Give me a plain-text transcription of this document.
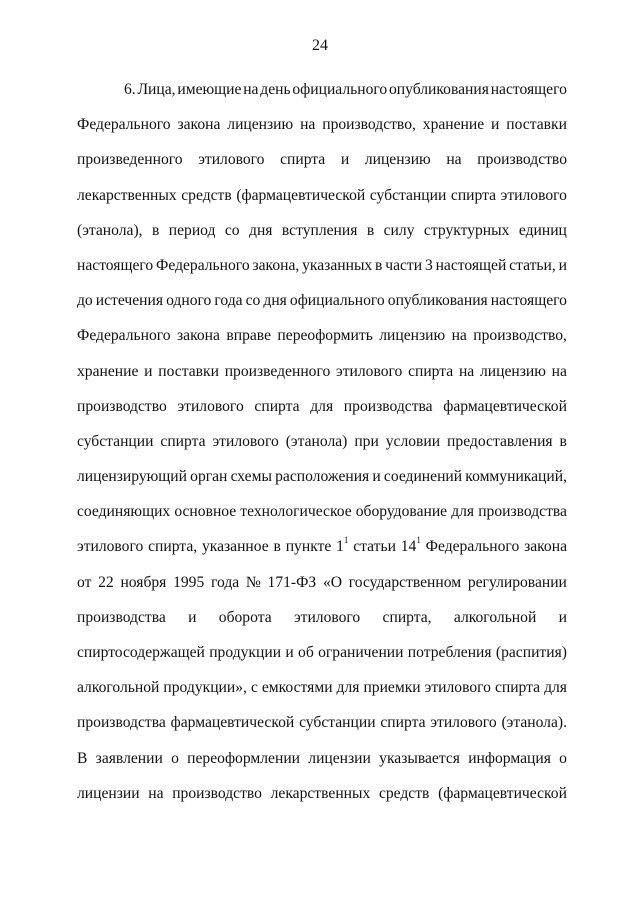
24
6. Лица, имеющие на день официального опубликования настоящего
Федерального закона лицензию на производство, хранение и поставки
произведенного этилового спирта и лицензию на производство
лекарственных средств (фармацевтической субстанции спирта этилового
(этанола), в период со дня вступления в силу структурных единиц
настоящего Федерального закона, указанных в части 3 настоящей статьи, и
до истечения одного года со дня официального опубликования настоящего
Федерального закона вправе переоформить лицензию на производство,
хранение и поставки произведенного этилового спирта на лицензию на
производство этилового спирта для производства фармацевтической
субстанции спирта этилового (этанола) при условии предоставления в
лицензирующий орган схемы расположения и соединений коммуникаций,
соединяющих основное технологическое оборудование для производства
этилового спирта, указанное в пункте $1^1$ статьи $14^1$ Федерального закона
от 22 ноября 1995 года № 171-ФЗ «О государственном регулировании
производства и оборота этилового спирта, алкогольной и
спиртосодержащей продукции и об ограничении потребления (распития)
алкогольной продукции», с емкостями для приемки этилового спирта для
производства фармацевтической субстанции спирта этилового (этанола).
В заявлении о переоформлении лицензии указывается информация о
лицензии на производство лекарственных средств (фармацевтической
